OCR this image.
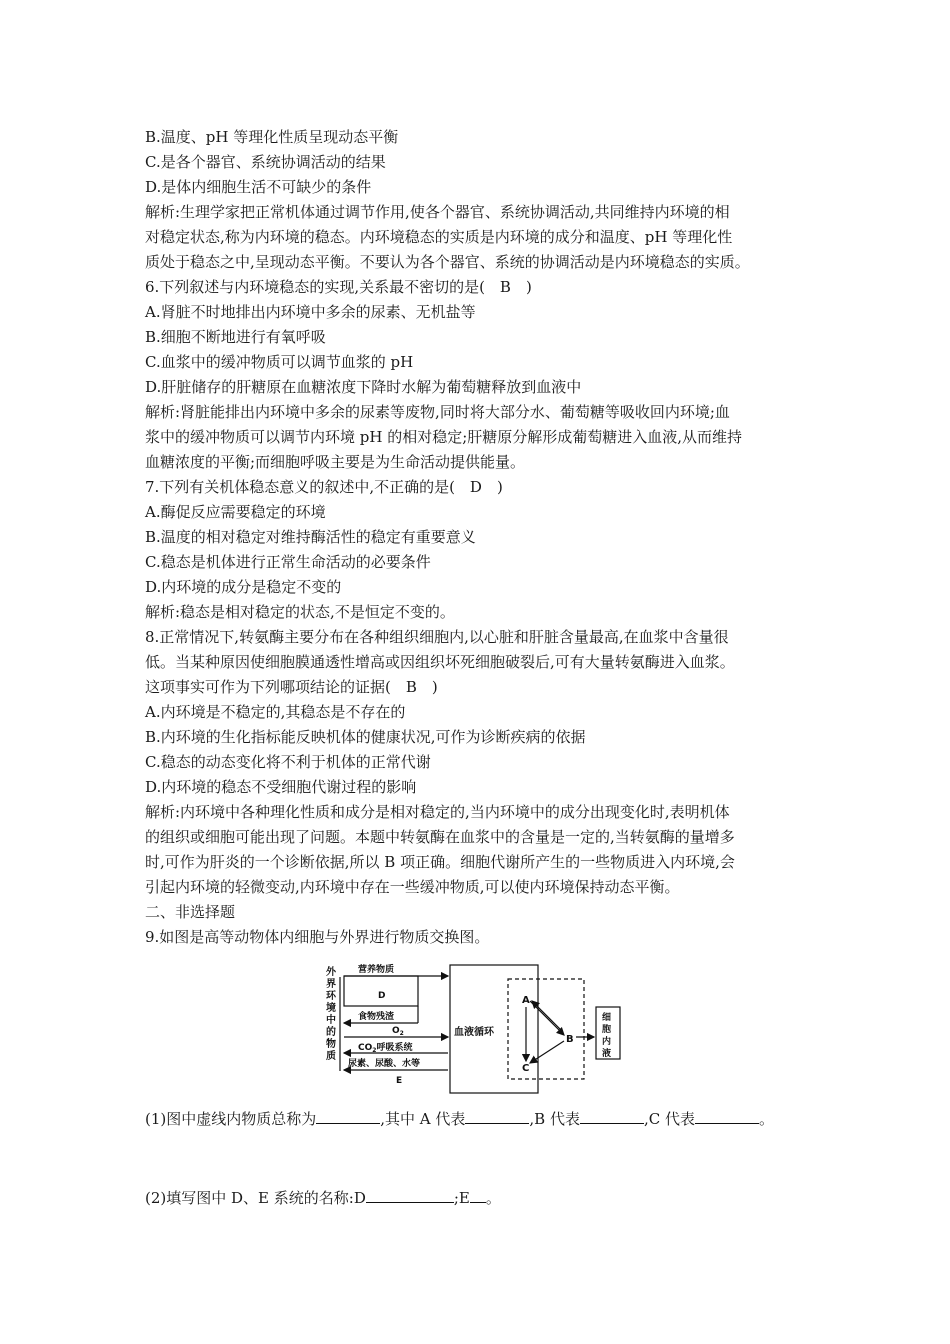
B.温度、pH 等理化性质呈现动态平衡
C.是各个器官、系统协调活动的结果
D.是体内细胞生活不可缺少的条件
解析:生理学家把正常机体通过调节作用,使各个器官、系统协调活动,共同维持内环境的相
对稳定状态,称为内环境的稳态。内环境稳态的实质是内环境的成分和温度、pH 等理化性
质处于稳态之中,呈现动态平衡。不要认为各个器官、系统的协调活动是内环境稳态的实质。
6.下列叙述与内环境稳态的实现,关系最不密切的是(　B　)
A.肾脏不时地排出内环境中多余的尿素、无机盐等
B.细胞不断地进行有氧呼吸
C.血浆中的缓冲物质可以调节血浆的 pH
D.肝脏储存的肝糖原在血糖浓度下降时水解为葡萄糖释放到血液中
解析:肾脏能排出内环境中多余的尿素等废物,同时将大部分水、葡萄糖等吸收回内环境;血
浆中的缓冲物质可以调节内环境 pH 的相对稳定;肝糖原分解形成葡萄糖进入血液,从而维持
血糖浓度的平衡;而细胞呼吸主要是为生命活动提供能量。
7.下列有关机体稳态意义的叙述中,不正确的是(　D　)
A.酶促反应需要稳定的环境
B.温度的相对稳定对维持酶活性的稳定有重要意义
C.稳态是机体进行正常生命活动的必要条件
D.内环境的成分是稳定不变的
解析:稳态是相对稳定的状态,不是恒定不变的。
8.正常情况下,转氨酶主要分布在各种组织细胞内,以心脏和肝脏含量最高,在血浆中含量很
低。当某种原因使细胞膜通透性增高或因组织坏死细胞破裂后,可有大量转氨酶进入血浆。
这项事实可作为下列哪项结论的证据(　B　)
A.内环境是不稳定的,其稳态是不存在的
B.内环境的生化指标能反映机体的健康状况,可作为诊断疾病的依据
C.稳态的动态变化将不利于机体的正常代谢
D.内环境的稳态不受细胞代谢过程的影响
解析:内环境中各种理化性质和成分是相对稳定的,当内环境中的成分出现变化时,表明机体
的组织或细胞可能出现了问题。本题中转氨酶在血浆中的含量是一定的,当转氨酶的量增多
时,可作为肝炎的一个诊断依据,所以 B 项正确。细胞代谢所产生的一些物质进入内环境,会
引起内环境的轻微变动,内环境中存在一些缓冲物质,可以使内环境保持动态平衡。
二、非选择题
9.如图是高等动物体内细胞与外界进行物质交换图。
外
界
环
境
中
的
物
质
营养物质
D
食物残渣
$O_2$
$CO_2$呼吸系统
尿素、尿酸、水等
E
血液循环
A
B
C
细
胞
内
液
(1)图中虚线内物质总称为	,其中 A 代表	,B 代表	,C 代表	。
(2)填写图中 D、E 系统的名称:D	;E 。
